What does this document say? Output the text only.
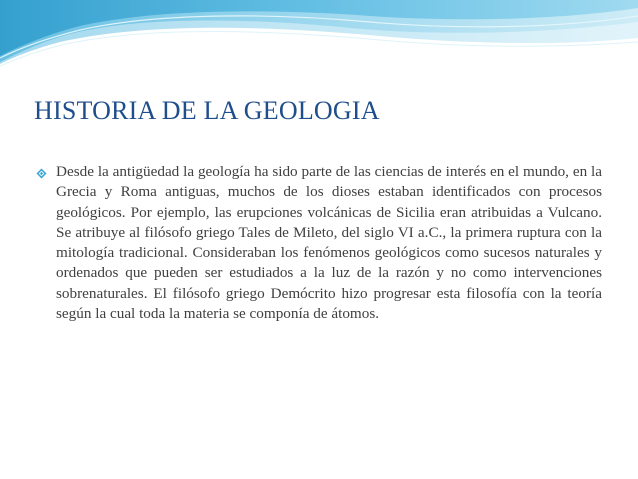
HISTORIA DE LA GEOLOGIA

Desde la antigüedad la geología ha sido parte de las ciencias de interés en el mundo, en la Grecia y Roma antiguas, muchos de los dioses estaban identificados con procesos geológicos. Por ejemplo, las erupciones volcánicas de Sicilia eran atribuidas a Vulcano. Se atribuye al filósofo griego Tales de Mileto, del siglo VI a.C., la primera ruptura con la mitología tradicional. Consideraban los fenómenos geológicos como sucesos naturales y ordenados que pueden ser estudiados a la luz de la razón y no como intervenciones sobrenaturales. El filósofo griego Demócrito hizo progresar esta filosofía con la teoría según la cual toda la materia se componía de átomos.
